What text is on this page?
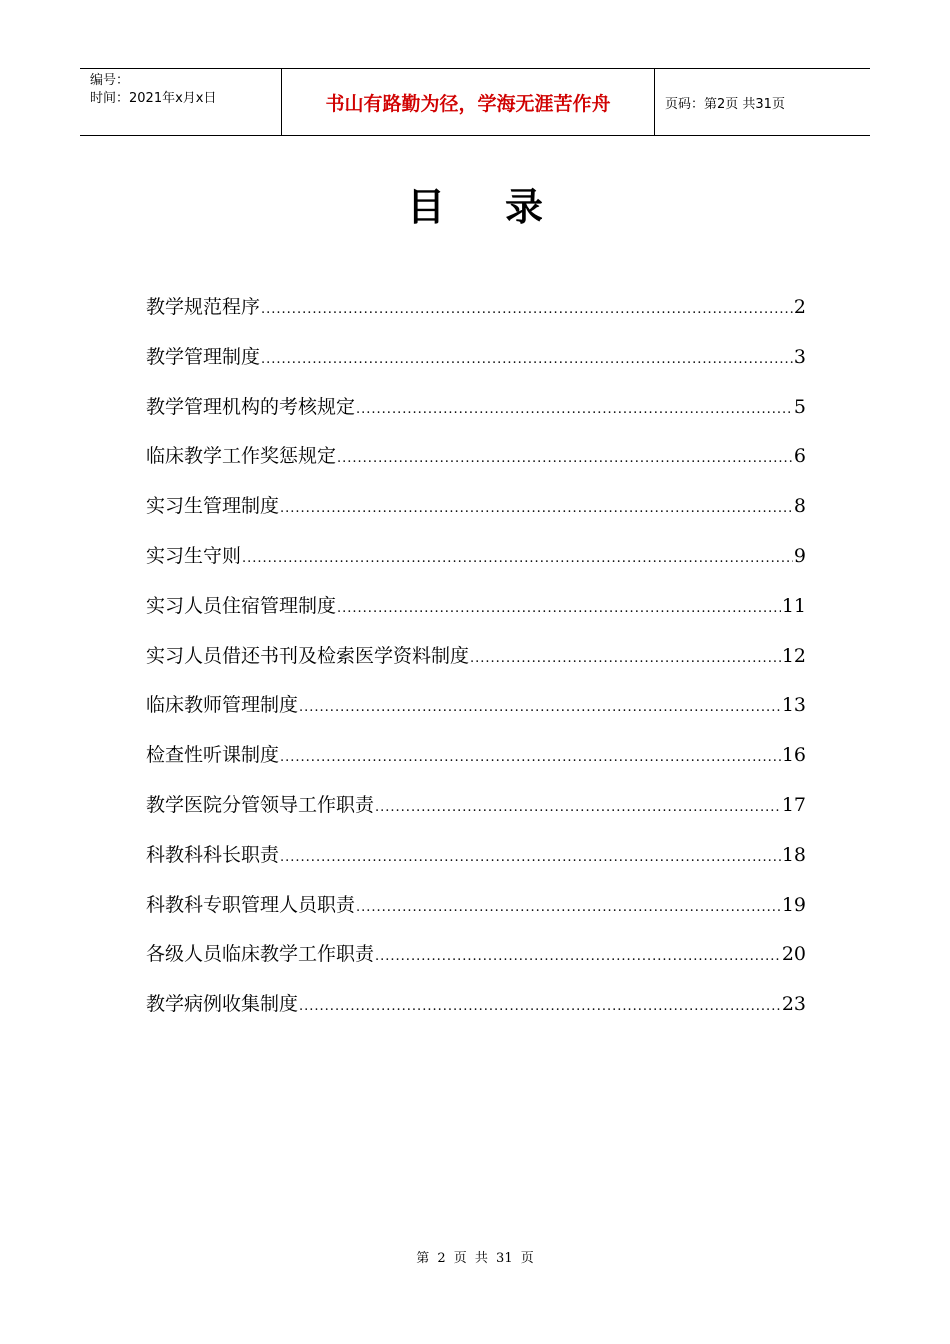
编号：
时间：2021年x月x日	书山有路勤为径，学海无涯苦作舟	页码：第2页 共31页
目录
教学规范程序 .....	2
教学管理制度 .....	3
教学管理机构的考核规定 .....	5
临床教学工作奖惩规定 .....	6
实习生管理制度 .....	8
实习生守则 .....	9
实习人员住宿管理制度 .....	11
实习人员借还书刊及检索医学资料制度 .....	12
临床教师管理制度 .....	13
检查性听课制度 .....	16
教学医院分管领导工作职责 .....	17
科教科科长职责 .....	18
科教科专职管理人员职责 .....	19
各级人员临床教学工作职责 .....	20
教学病例收集制度 .....	23
第 2 页 共 31 页
